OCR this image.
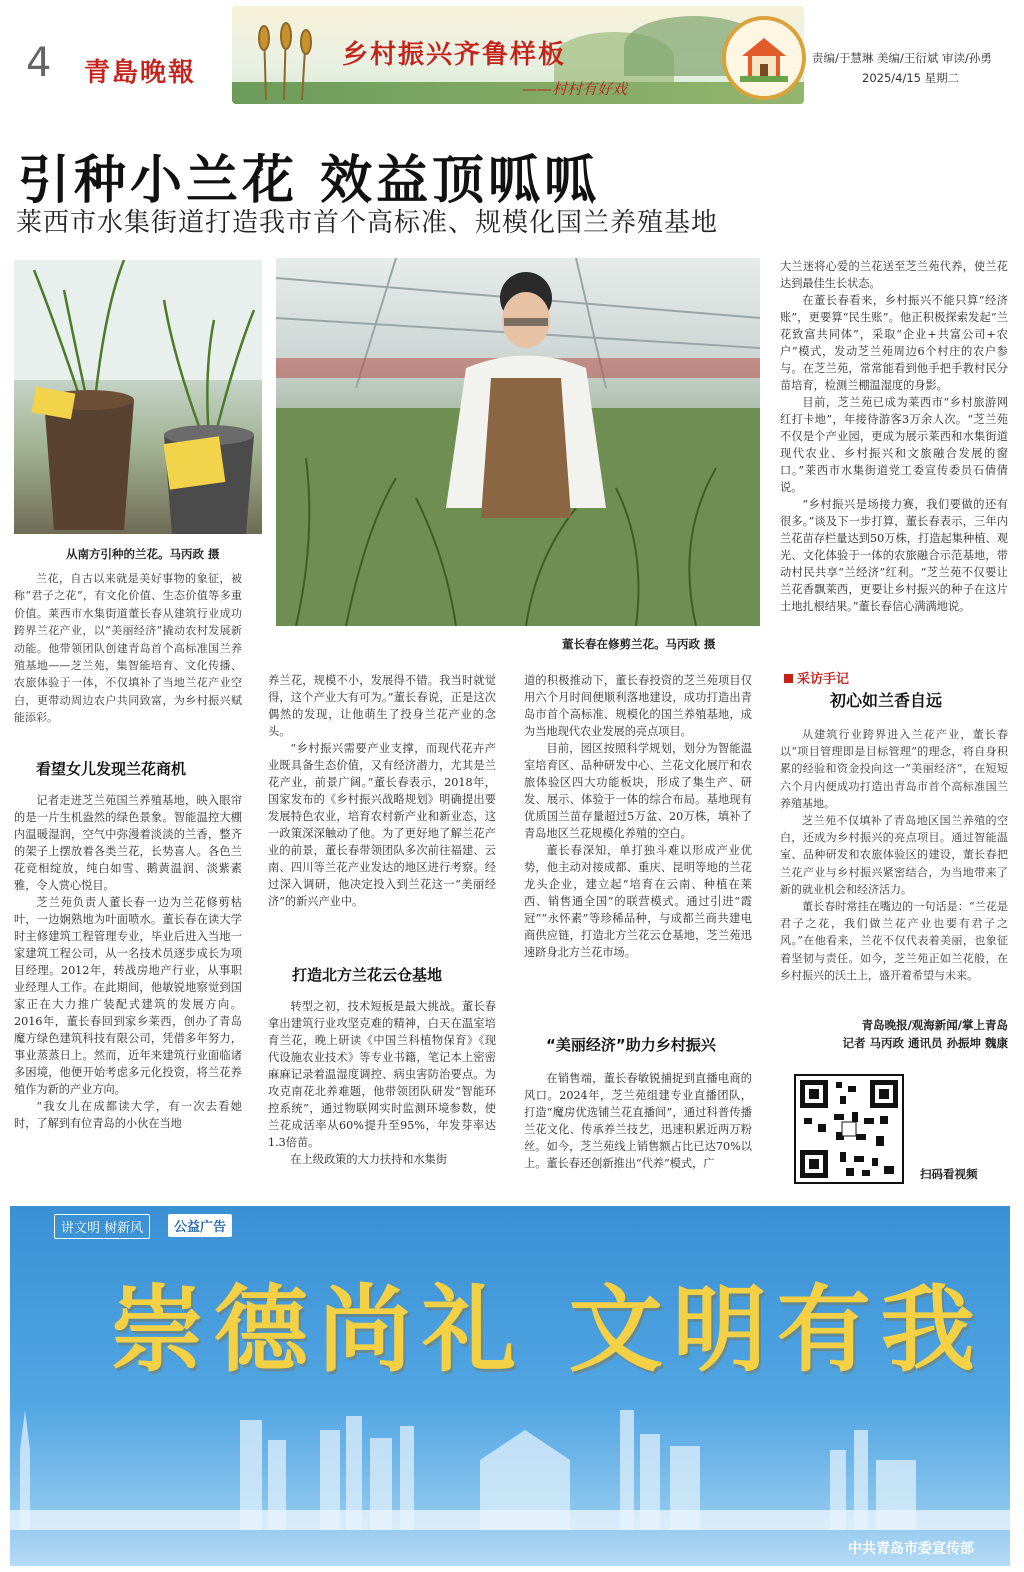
4 青島晚報
乡村振兴齐鲁样板
——村村有好戏
责编/于慧琳 美编/王衍斌 审读/孙勇
2025/4/15 星期二
引种小兰花 效益顶呱呱
莱西市水集街道打造我市首个高标准、规模化国兰养殖基地
从南方引种的兰花。马丙政 摄
董长春在修剪兰花。马丙政 摄

兰花，自古以来就是美好事物的象征，被称“君子之花”，有文化价值、生态价值等多重价值。莱西市水集街道董长春从建筑行业成功跨界兰花产业，以“美丽经济”撬动农村发展新动能。他带领团队创建青岛首个高标准国兰养殖基地——芝兰苑，集智能培育、文化传播、农旅体验于一体，不仅填补了当地兰花产业空白，更带动周边农户共同致富，为乡村振兴赋能添彩。

看望女儿发现兰花商机

记者走进芝兰苑国兰养殖基地，映入眼帘的是一片生机盎然的绿色景象。智能温控大棚内温暖湿润，空气中弥漫着淡淡的兰香，整齐的架子上摆放着各类兰花，长势喜人。各色兰花竞相绽放，纯白如雪、鹅黄温润、淡紫素雅，令人赏心悦目。

芝兰苑负责人董长春一边为兰花修剪枯叶，一边娴熟地为叶面喷水。董长春在读大学时主修建筑工程管理专业，毕业后进入当地一家建筑工程公司，从一名技术员逐步成长为项目经理。2012年，转战房地产行业，从事职业经理人工作。在此期间，他敏锐地察觉到国家正在大力推广装配式建筑的发展方向。2016年，董长春回到家乡莱西，创办了青岛魔方绿色建筑科技有限公司，凭借多年努力，事业蒸蒸日上。然而，近年来建筑行业面临诸多困境，他便开始考虑多元化投资，将兰花养殖作为新的产业方向。

“我女儿在成都读大学，有一次去看她时，了解到有位青岛的小伙在当地

养兰花，规模不小，发展得不错。我当时就觉得，这个产业大有可为。”董长春说，正是这次偶然的发现，让他萌生了投身兰花产业的念头。

“乡村振兴需要产业支撑，而现代花卉产业既具备生态价值，又有经济潜力，尤其是兰花产业，前景广阔。”董长春表示，2018年，国家发布的《乡村振兴战略规划》明确提出要发展特色农业，培育农村新产业和新业态，这一政策深深触动了他。为了更好地了解兰花产业的前景，董长春带领团队多次前往福建、云南、四川等兰花产业发达的地区进行考察。经过深入调研，他决定投入到兰花这一“美丽经济”的新兴产业中。

打造北方兰花云仓基地

转型之初，技术短板是最大挑战。董长春拿出建筑行业攻坚克难的精神，白天在温室培育兰花，晚上研读《中国兰科植物保育》《现代设施农业技术》等专业书籍，笔记本上密密麻麻记录着温湿度调控、病虫害防治要点。为攻克南花北养难题，他带领团队研发“智能环控系统”，通过物联网实时监测环境参数，使兰花成活率从60%提升至95%，年发芽率达1.3倍苗。

在上级政策的大力扶持和水集街

道的积极推动下，董长春投资的芝兰苑项目仅用六个月时间便顺利落地建设，成功打造出青岛市首个高标准、规模化的国兰养殖基地，成为当地现代农业发展的亮点项目。

目前，园区按照科学规划，划分为智能温室培育区、品种研发中心、兰花文化展厅和农旅体验区四大功能板块，形成了集生产、研发、展示、体验于一体的综合布局。基地现有优质国兰苗存量超过5万盆、20万株，填补了青岛地区兰花规模化养殖的空白。

董长春深知，单打独斗难以形成产业优势，他主动对接成都、重庆、昆明等地的兰花龙头企业，建立起“培育在云南、种植在莱西、销售通全国”的联营模式。通过引进“霞冠”“永怀素”等珍稀品种，与成都兰商共建电商供应链，打造北方兰花云仓基地，芝兰苑迅速跻身北方兰花市场。

“美丽经济”助力乡村振兴

在销售端，董长春敏锐捕捉到直播电商的风口。2024年，芝兰苑组建专业直播团队，打造“魔房优选铺兰花直播间”，通过科普传播兰花文化、传承养兰技艺，迅速积累近两万粉丝。如今，芝兰苑线上销售额占比已达70%以上。董长春还创新推出“代养”模式，广

大兰迷将心爱的兰花送至芝兰苑代养，使兰花达到最佳生长状态。

在董长春看来，乡村振兴不能只算“经济账”，更要算“民生账”。他正积极探索发起“兰花致富共同体”，采取“企业+共富公司+农户”模式，发动芝兰苑周边6个村庄的农户参与。在芝兰苑，常常能看到他手把手教村民分苗培育，检测兰棚温湿度的身影。

目前，芝兰苑已成为莱西市“乡村旅游网红打卡地”，年接待游客3万余人次。“芝兰苑不仅是个产业园，更成为展示莱西和水集街道现代农业、乡村振兴和文旅融合发展的窗口。”莱西市水集街道党工委宣传委员石倩倩说。

“乡村振兴是场接力赛，我们要做的还有很多。”谈及下一步打算，董长春表示，三年内兰花苗存栏量达到50万株，打造起集种植、观光、文化体验于一体的农旅融合示范基地，带动村民共享“兰经济”红利。“芝兰苑不仅要让兰花香飘莱西，更要让乡村振兴的种子在这片土地扎根结果。”董长春信心满满地说。

采访手记
初心如兰香自远

从建筑行业跨界进入兰花产业，董长春以“项目管理即是目标管理”的理念，将自身积累的经验和资金投向这一“美丽经济”，在短短六个月内便成功打造出青岛市首个高标准国兰养殖基地。

芝兰苑不仅填补了青岛地区国兰养殖的空白，还成为乡村振兴的亮点项目。通过智能温室、品种研发和农旅体验区的建设，董长春把兰花产业与乡村振兴紧密结合，为当地带来了新的就业机会和经济活力。

董长春时常挂在嘴边的一句话是：“兰花是君子之花，我们做兰花产业也要有君子之风。”在他看来，兰花不仅代表着美丽，也象征着坚韧与责任。如今，芝兰苑正如兰花般，在乡村振兴的沃土上，盛开着希望与未来。

青岛晚报/观海新闻/掌上青岛
记者 马丙政 通讯员 孙振坤 魏康
扫码看视频
讲文明 树新风	公益广告
崇德尚礼 文明有我
中共青岛市委宣传部
